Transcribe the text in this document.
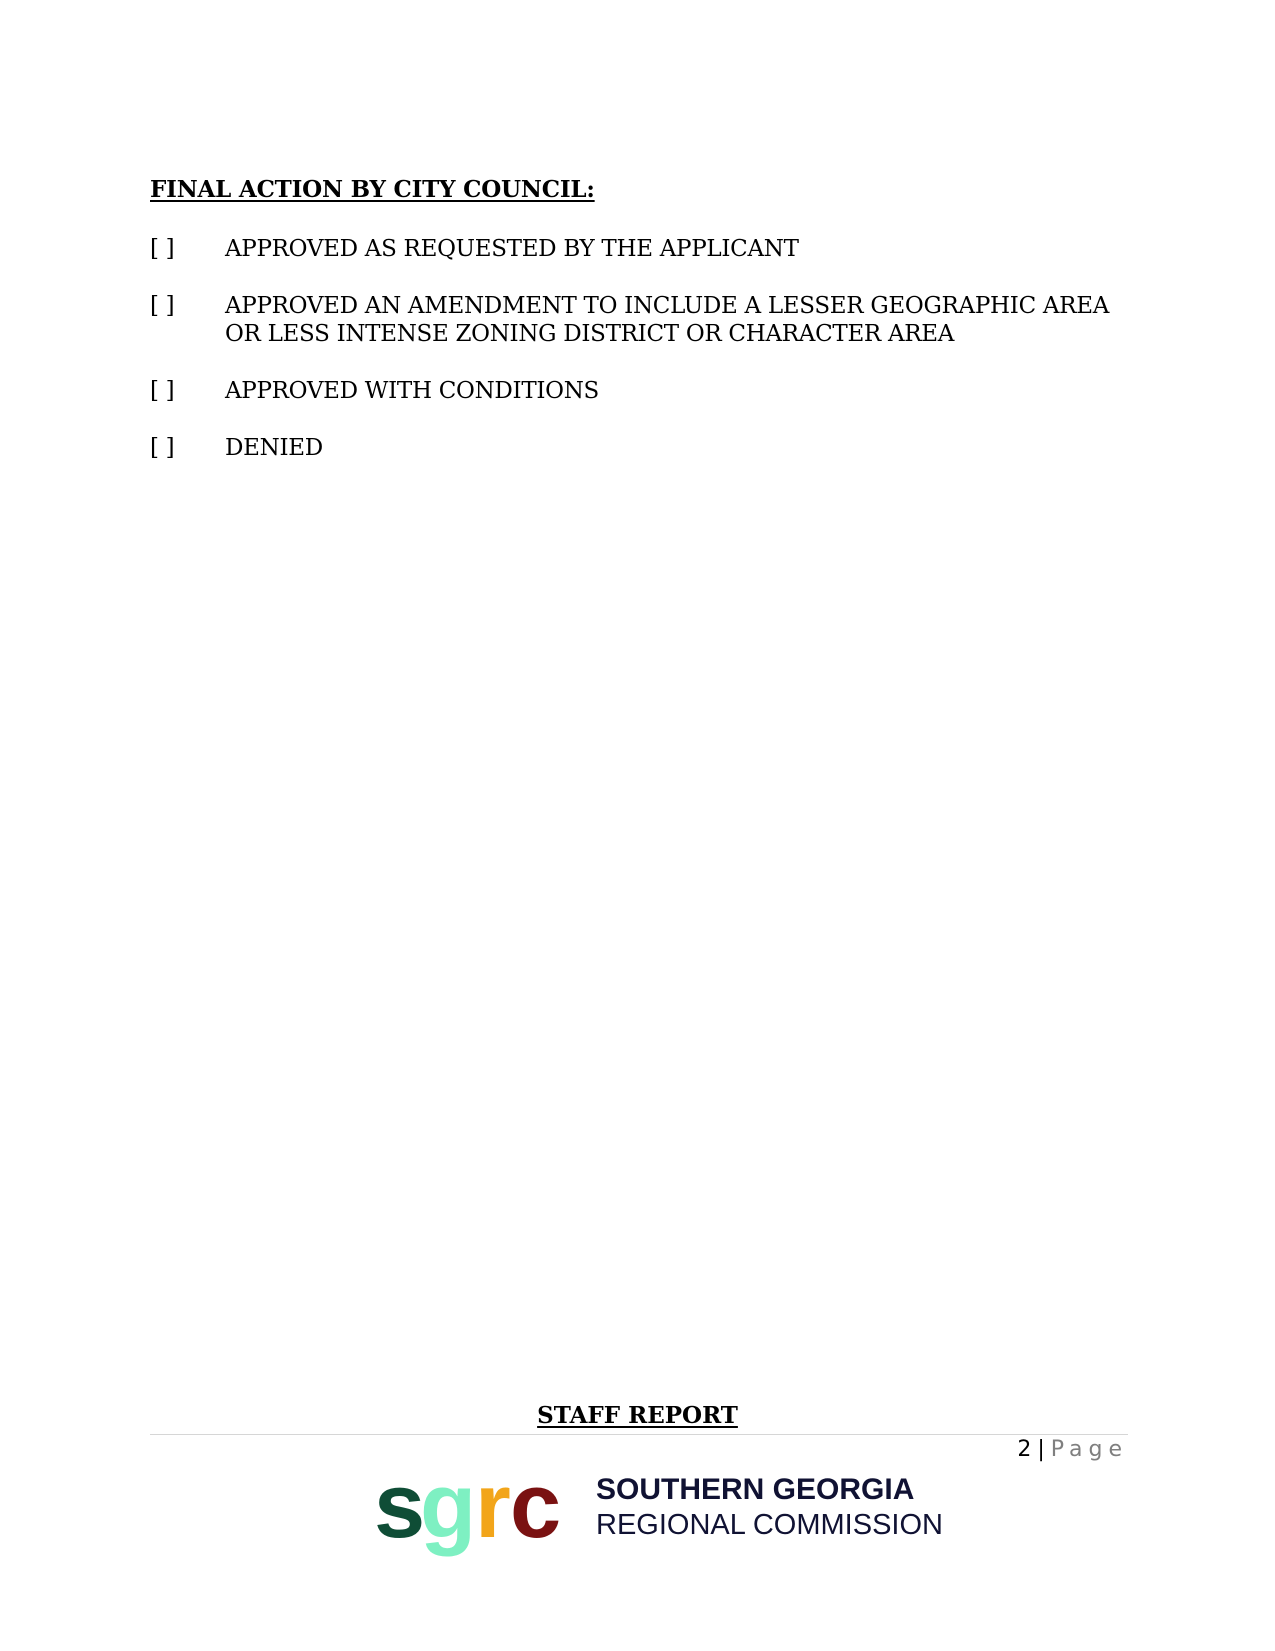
FINAL ACTION BY CITY COUNCIL:
[ ] APPROVED AS REQUESTED BY THE APPLICANT
[ ] APPROVED AN AMENDMENT TO INCLUDE A LESSER GEOGRAPHIC AREA
OR LESS INTENSE ZONING DISTRICT OR CHARACTER AREA
[ ] APPROVED WITH CONDITIONS
[ ] DENIED
STAFF REPORT
2 | Page
s
g
r c SOUTHERN GEORGIA
REGIONAL COMMISSION
